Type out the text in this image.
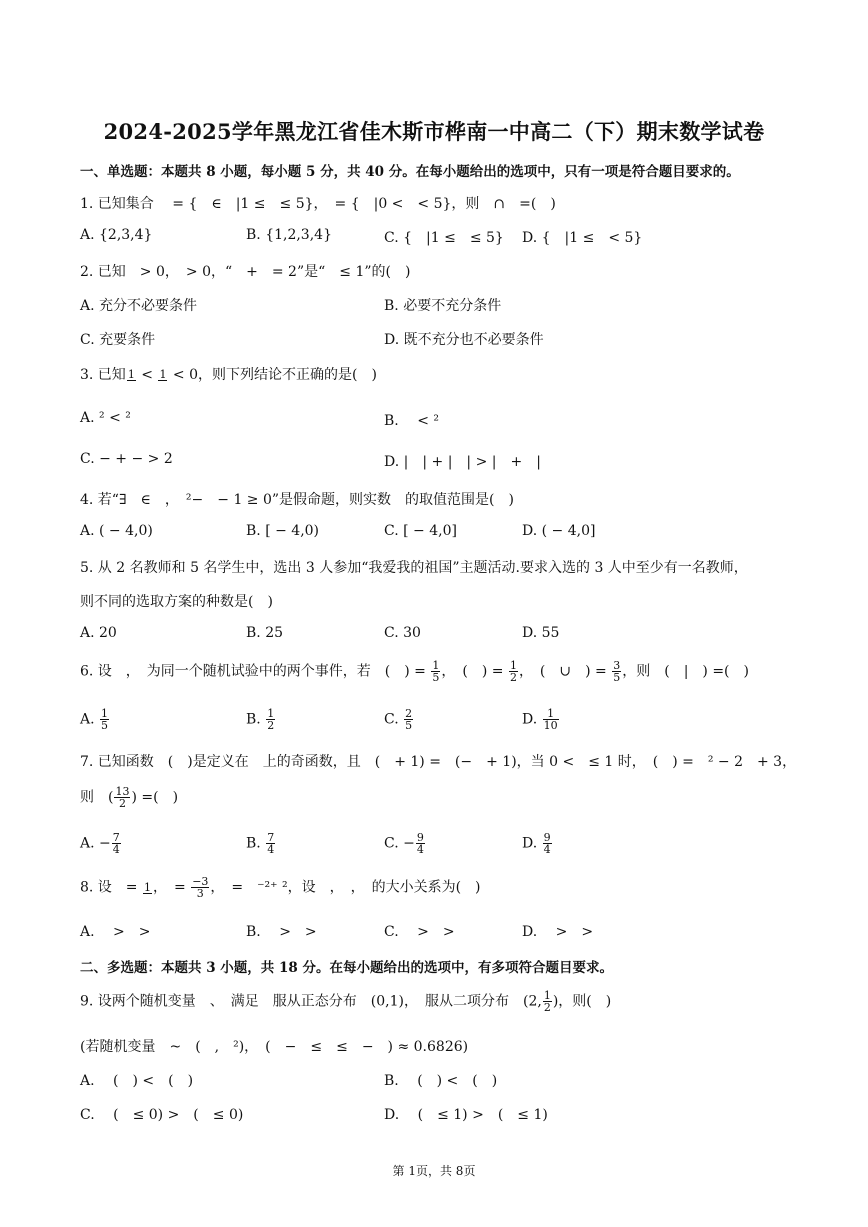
2024-2025学年黑龙江省佳木斯市桦南一中高二（下）期末数学试卷
一、单选题：本题共 8 小题，每小题 5 分，共 40 分。在每小题给出的选项中，只有一项是符合题目要求的。
1. 已知集合　 = {　∈　|1 ≤　≤ 5}，　= {　|0 <　< 5}，则　∩　=(　)
A. {2,3,4}	B. {1,2,3,4}	C. {　|1 ≤　≤ 5} D. {　|1 ≤　< 5}
2. 已知　> 0，　> 0，“　+　= 2”是“　≤ 1”的(　)
A. 充分不必要条件	B. 必要不充分条件
C. 充要条件	D. 既不充分也不必要条件
3. 已知 1 < 1 < 0，则下列结论不正确的是(　)
A. ² < ²	B. 　< ²
C. − + − > 2	D. |　| + |　| > |　+　|
4. 若“∃　∈　，　²−　− 1 ≥ 0”是假命题，则实数　的取值范围是(　)
A. ( − 4,0)	B. [ − 4,0)	C. [ − 4,0]	D. ( − 4,0]
5. 从 2 名教师和 5 名学生中，选出 3 人参加“我爱我的祖国”主题活动.要求入选的 3 人中至少有一名教师，
则不同的选取方案的种数是(　)
A. 20	B. 25	C. 30	D. 55
6. 设　，　为同一个随机试验中的两个事件，若　(　) = $\frac{1}{5}$ ，　(　) = $\frac{1}{2}$ ，　(　∪　) = $\frac{3}{5}$ ，则　(　|　) =(　)
A. $\frac{1}{5}$	B. $\frac{1}{2}$	C. $\frac{2}{5}$	D. $\frac{1}{10}$
7. 已知函数　(　)是定义在　上的奇函数，且　(　+ 1) =　(−　+ 1)，当 0 <　≤ 1 时，　(　) =　² − 2　+ 3，
则　( $\frac{13}{2}$ ) =(　)
A. − $\frac{7}{4}$	B. $\frac{7}{4}$	C. − $\frac{9}{4}$	D. $\frac{9}{4}$
8. 设　= 1 ，　= $\frac{-3}{3}$ ，　=　⁻²⁺ ²，设　，　，　的大小关系为(　)
A. 　>　>	B. 　>　>	C. 　>　>	D. 　>　>
二、多选题：本题共 3 小题，共 18 分。在每小题给出的选项中，有多项符合题目要求。
9. 设两个随机变量　、　满足　服从正态分布　(0,1)，　服从二项分布　(2, $\frac{1}{2}$ )，则(　)
(若随机变量　~　(　,　²)，　(　−　≤　≤　−　) ≈ 0.6826)
A. 　(　) <　(　)	B. 　(　) <　(　)
C. 　(　≤ 0) >　(　≤ 0)	D. 　(　≤ 1) >　(　≤ 1)
第 1页，共 8页
